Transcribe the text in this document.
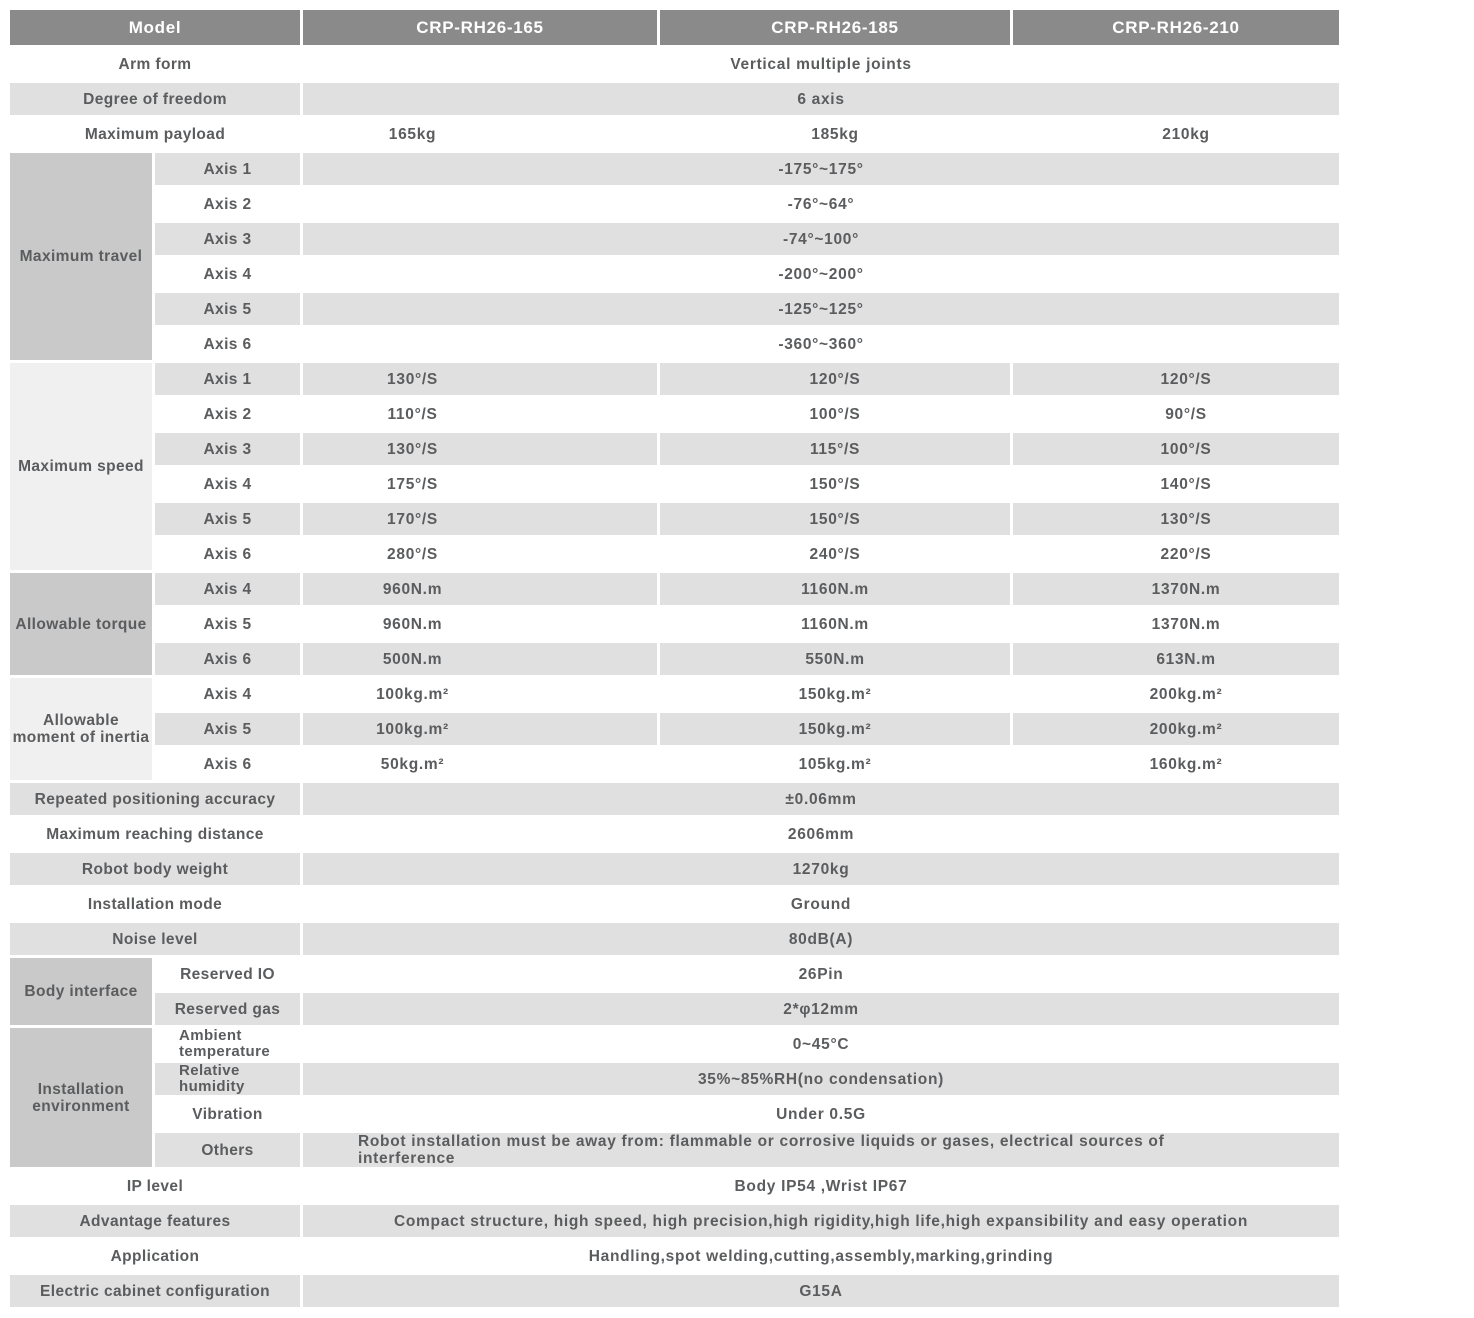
Model	CRP-RH26-165	CRP-RH26-185	CRP-RH26-210
Arm form	Vertical multiple joints
Degree of freedom	6 axis
Maximum payload	165kg	185kg	210kg
Maximum travel
Axis 1	-175°~175°
Axis 2	-76°~64°
Axis 3	-74°~100°
Axis 4	-200°~200°
Axis 5	-125°~125°
Axis 6	-360°~360°
Maximum speed
Axis 1	130°/S	120°/S	120°/S
Axis 2	110°/S	100°/S	90°/S
Axis 3	130°/S	115°/S	100°/S
Axis 4	175°/S	150°/S	140°/S
Axis 5	170°/S	150°/S	130°/S
Axis 6	280°/S	240°/S	220°/S
Allowable torque
Axis 4	960N.m	1160N.m	1370N.m
Axis 5	960N.m	1160N.m	1370N.m
Axis 6	500N.m	550N.m	613N.m
Allowable moment of inertia
Axis 4	100kg.m²	150kg.m²	200kg.m²
Axis 5	100kg.m²	150kg.m²	200kg.m²
Axis 6	50kg.m²	105kg.m²	160kg.m²
Repeated positioning accuracy	±0.06mm
Maximum reaching distance	2606mm
Robot body weight	1270kg
Installation mode	Ground
Noise level	80dB(A)
Body interface
Reserved IO	26Pin
Reserved gas	2*φ12mm
Installation environment
Ambient temperature	0~45°C
Relative humidity	35%~85%RH(no condensation)
Vibration	Under 0.5G
Others	Robot installation must be away from: flammable or corrosive liquids or gases, electrical sources of interference
IP level	Body IP54 ,Wrist IP67
Advantage features	Compact structure, high speed, high precision,high rigidity,high life,high expansibility and easy operation
Application	Handling,spot welding,cutting,assembly,marking,grinding
Electric cabinet configuration	G15A
